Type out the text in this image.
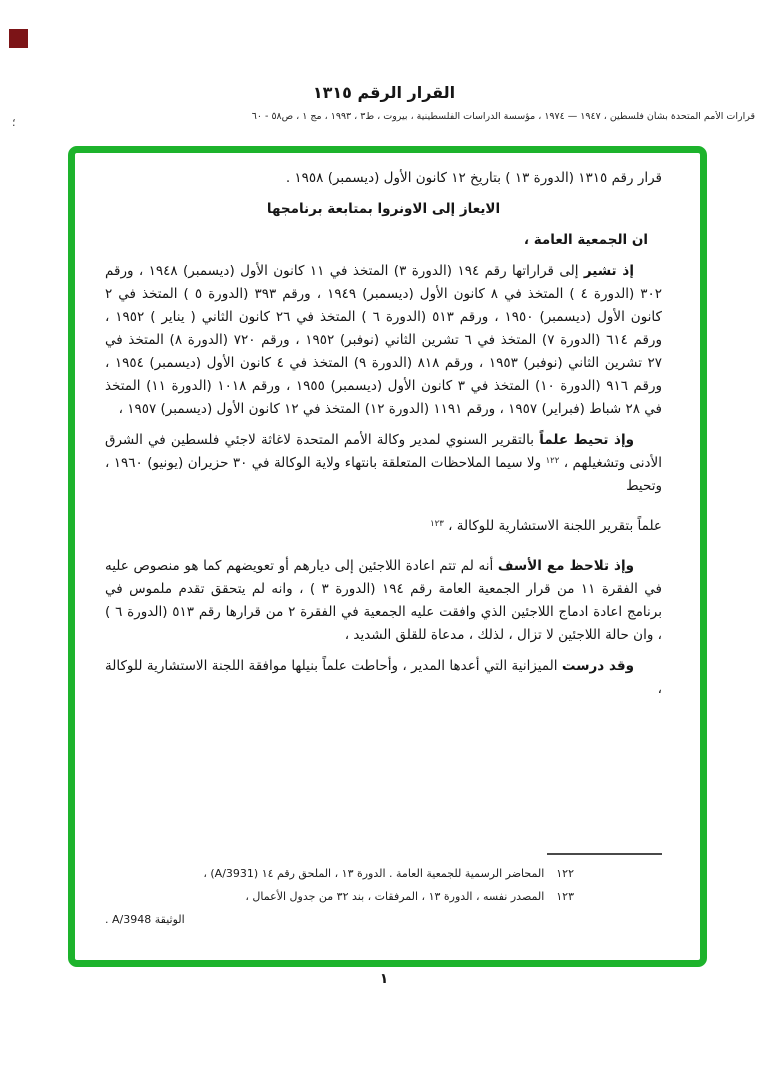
القرار الرقم ١٣١٥
قرارات الأمم المتحدة بشأن فلسطين ، ١٩٤٧ — ١٩٧٤ ، مؤسسة الدراسات الفلسطينية ، بيروت ، ط٣ ، ١٩٩٣ ، مج ١ ، ص٥٨ - ٦٠
؛

قرار رقم ١٣١٥ (الدورة ١٣ ) بتاريخ ١٢ كانون الأول (ديسمبر) ١٩٥٨ .

الايعاز إلى الاونروا بمتابعة برنامجها

ان الجمعية العامة ،

إذ تشير إلى قراراتها رقم ١٩٤ (الدورة ٣) المتخذ في ١١ كانون الأول (ديسمبر) ١٩٤٨ ، ورقم ٣٠٢ (الدورة ٤ ) المتخذ في ٨ كانون الأول (ديسمبر) ١٩٤٩ ، ورقم ٣٩٣ (الدورة ٥ ) المتخذ في ٢ كانون الأول (ديسمبر) ١٩٥٠ ، ورقم ٥١٣ (الدورة ٦ ) المتخذ في ٢٦ كانون الثاني ( يناير ) ١٩٥٢ ، ورقم ٦١٤ (الدورة ٧) المتخذ في ٦ تشرين الثاني (نوفبر) ١٩٥٢ ، ورقم ٧٢٠ (الدورة ٨) المتخذ في ٢٧ تشرين الثاني (نوفبر) ١٩٥٣ ، ورقم ٨١٨ (الدورة ٩) المتخذ في ٤ كانون الأول (ديسمبر) ١٩٥٤ ، ورقم ٩١٦ (الدورة ١٠) المتخذ في ٣ كانون الأول (ديسمبر) ١٩٥٥ ، ورقم ١٠١٨ (الدورة ١١) المتخذ في ٢٨ شباط (فبراير) ١٩٥٧ ، ورقم ١١٩١ (الدورة ١٢) المتخذ في ١٢ كانون الأول (ديسمبر) ١٩٥٧ ،

وإذ تحيط علماً بالتقرير السنوي لمدير وكالة الأمم المتحدة لاغاثة لاجئي فلسطين في الشرق الأدنى وتشغيلهم ، $^{١٢٢}$ ولا سيما الملاحظات المتعلقة بانتهاء ولاية الوكالة في ٣٠ حزيران (يونيو) ١٩٦٠ ، وتحيط

علماً بتقرير اللجنة الاستشارية للوكالة ، $^{١٢٣}$

وإذ تلاحظ مع الأسف أنه لم تتم اعادة اللاجئين إلى ديارهم أو تعويضهم كما هو منصوص عليه في الفقرة ١١ من قرار الجمعية العامة رقم ١٩٤ (الدورة ٣ ) ، وانه لم يتحقق تقدم ملموس في برنامج اعادة ادماج اللاجئين الذي وافقت عليه الجمعية في الفقرة ٢ من قرارها رقم ٥١٣ (الدورة ٦ ) ، وان حالة اللاجئين لا تزال ، لذلك ، مدعاة للقلق الشديد ،

وقد درست الميزانية التي أعدها المدير ، وأحاطت علماً بنيلها موافقة اللجنة الاستشارية للوكالة ،

١٢٢
المحاضر الرسمية للجمعية العامة . الدورة ١٣ ، الملحق رقم ١٤ (A/3931) ،
١٢٣
المصدر نفسه ، الدورة ١٣ ، المرفقات ، بند ٣٢ من جدول الأعمال ،
الوثيقة A/3948 .
١
